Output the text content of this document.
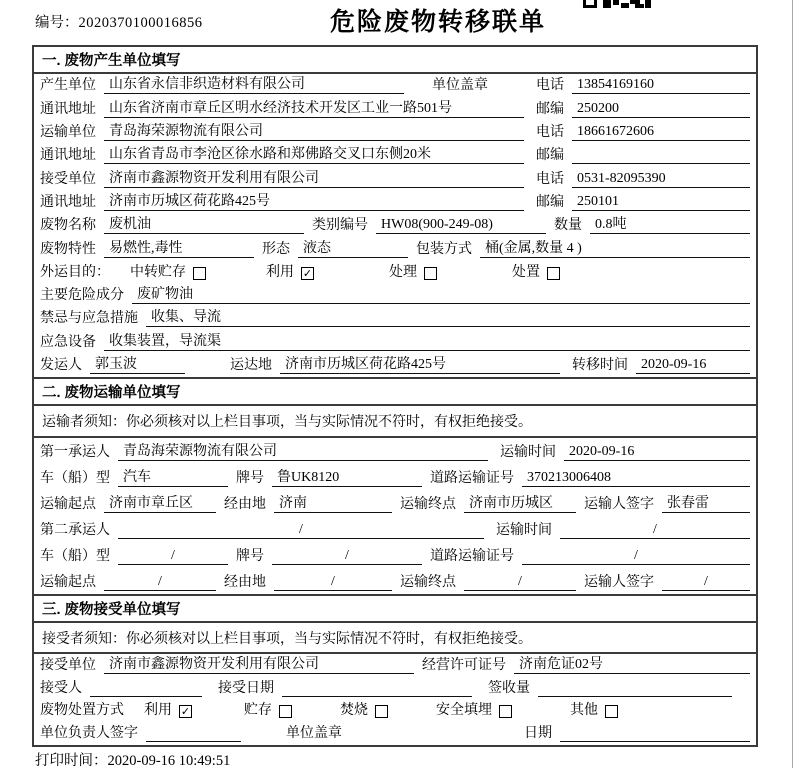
编号：2020370100016856	危险废物转移联单
一. 废物产生单位填写
产生单位 山东省永信非织造材料有限公司	单位盖章	电话 13854169160
通讯地址 山东省济南市章丘区明水经济技术开发区工业一路501号	邮编 250200
运输单位 青岛海荣源物流有限公司	电话 18661672606
通讯地址 山东省青岛市李沧区徐水路和郑佛路交叉口东侧20米	邮编
接受单位 济南市鑫源物资开发利用有限公司	电话 0531-82095390
通讯地址 济南市历城区荷花路425号	邮编 250101
废物名称 废机油	类别编号 HW08(900-249-08)	数量 0.8吨
废物特性 易燃性,毒性	形态 液态	包装方式 桶(金属,数量 4 )
外运目的：	中转贮存	利用 ✓	处理	处置
主要危险成分 废矿物油
禁忌与应急措施 收集、导流
应急设备 收集装置，导流渠
发运人 郭玉波	运达地 济南市历城区荷花路425号	转移时间 2020-09-16
二. 废物运输单位填写
运输者须知：你必须核对以上栏目事项，当与实际情况不符时，有权拒绝接受。
第一承运人 青岛海荣源物流有限公司	运输时间 2020-09-16
车（船）型 汽车	牌号 鲁UK8120	道路运输证号 370213006408
运输起点 济南市章丘区	经由地 济南	运输终点 济南市历城区	运输人签字 张春雷
第二承运人	/	运输时间	/
车（船）型	/	牌号	/	道路运输证号	/
运输起点	/	经由地	/	运输终点	/	运输人签字	/
三. 废物接受单位填写
接受者须知：你必须核对以上栏目事项，当与实际情况不符时，有权拒绝接受。
接受单位 济南市鑫源物资开发利用有限公司	经营许可证号 济南危证02号
接受人	接受日期	签收量
废物处置方式	利用 ✓	贮存	焚烧	安全填埋	其他
单位负责人签字	单位盖章	日期
打印时间：2020-09-16 10:49:51
